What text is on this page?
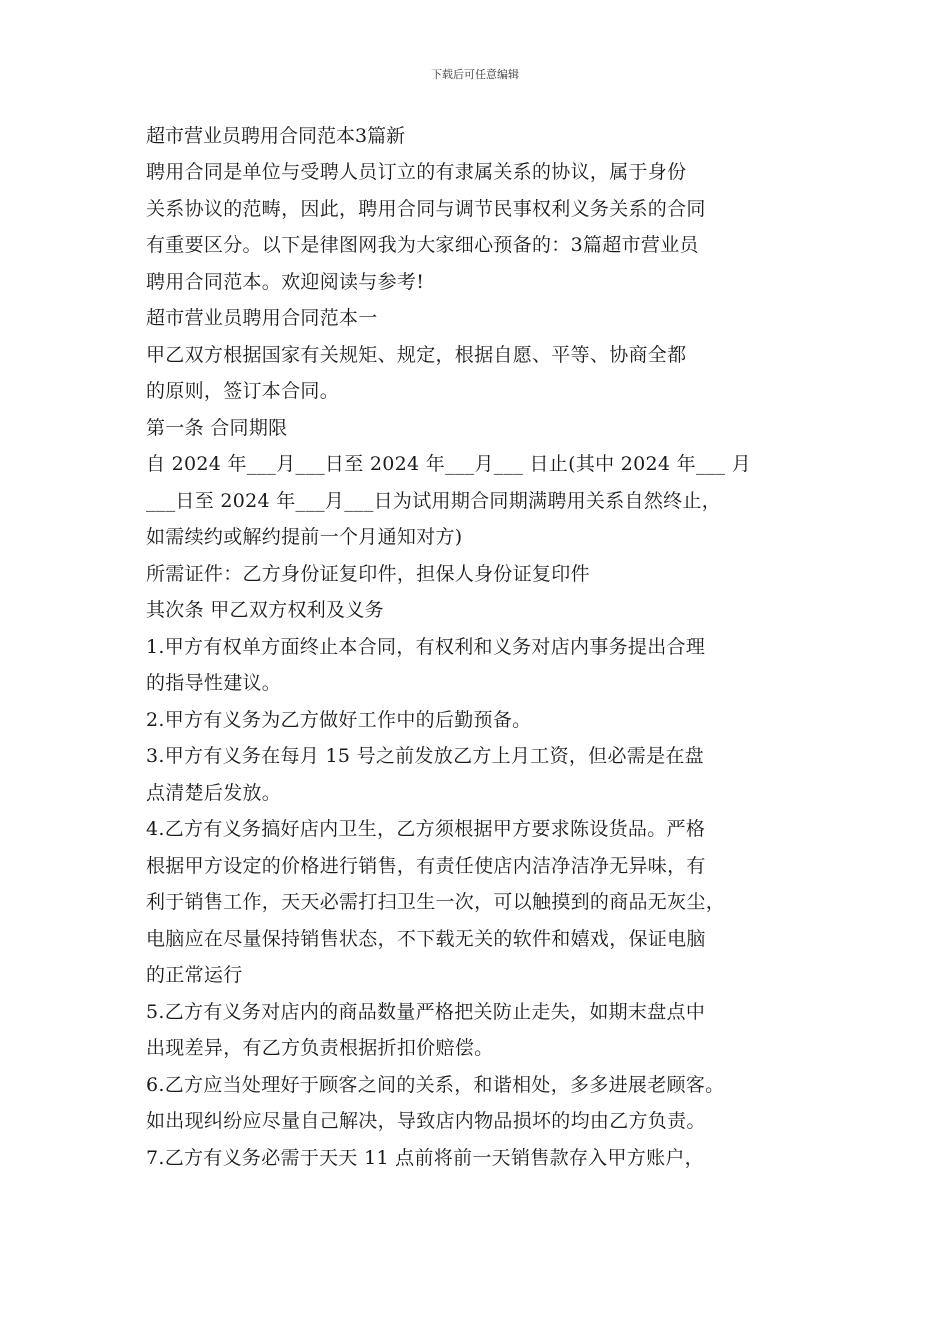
下载后可任意编辑

超市营业员聘用合同范本3篇新

聘用合同是单位与受聘人员订立的有隶属关系的协议，属于身份
关系协议的范畴，因此，聘用合同与调节民事权利义务关系的合同
有重要区分。以下是律图网我为大家细心预备的：3篇超市营业员
聘用合同范本。欢迎阅读与参考!
超市营业员聘用合同范本一
甲乙双方根据国家有关规矩、规定，根据自愿、平等、协商全都
的原则，签订本合同。
第一条 合同期限
自 2024 年___月___日至 2024 年___月___ 日止(其中 2024 年___ 月
___日至 2024 年___月___日为试用期合同期满聘用关系自然终止，
如需续约或解约提前一个月通知对方)
所需证件：乙方身份证复印件，担保人身份证复印件
其次条 甲乙双方权利及义务
1.甲方有权单方面终止本合同，有权利和义务对店内事务提出合理
的指导性建议。
2.甲方有义务为乙方做好工作中的后勤预备。
3.甲方有义务在每月 15 号之前发放乙方上月工资，但必需是在盘
点清楚后发放。
4.乙方有义务搞好店内卫生，乙方须根据甲方要求陈设货品。严格
根据甲方设定的价格进行销售，有责任使店内洁净洁净无异味，有
利于销售工作，天天必需打扫卫生一次，可以触摸到的商品无灰尘，
电脑应在尽量保持销售状态，不下载无关的软件和嬉戏，保证电脑
的正常运行
5.乙方有义务对店内的商品数量严格把关防止走失，如期末盘点中
出现差异，有乙方负责根据折扣价赔偿。
6.乙方应当处理好于顾客之间的关系，和谐相处，多多进展老顾客。
如出现纠纷应尽量自己解决，导致店内物品损坏的均由乙方负责。
7.乙方有义务必需于天天 11 点前将前一天销售款存入甲方账户，
